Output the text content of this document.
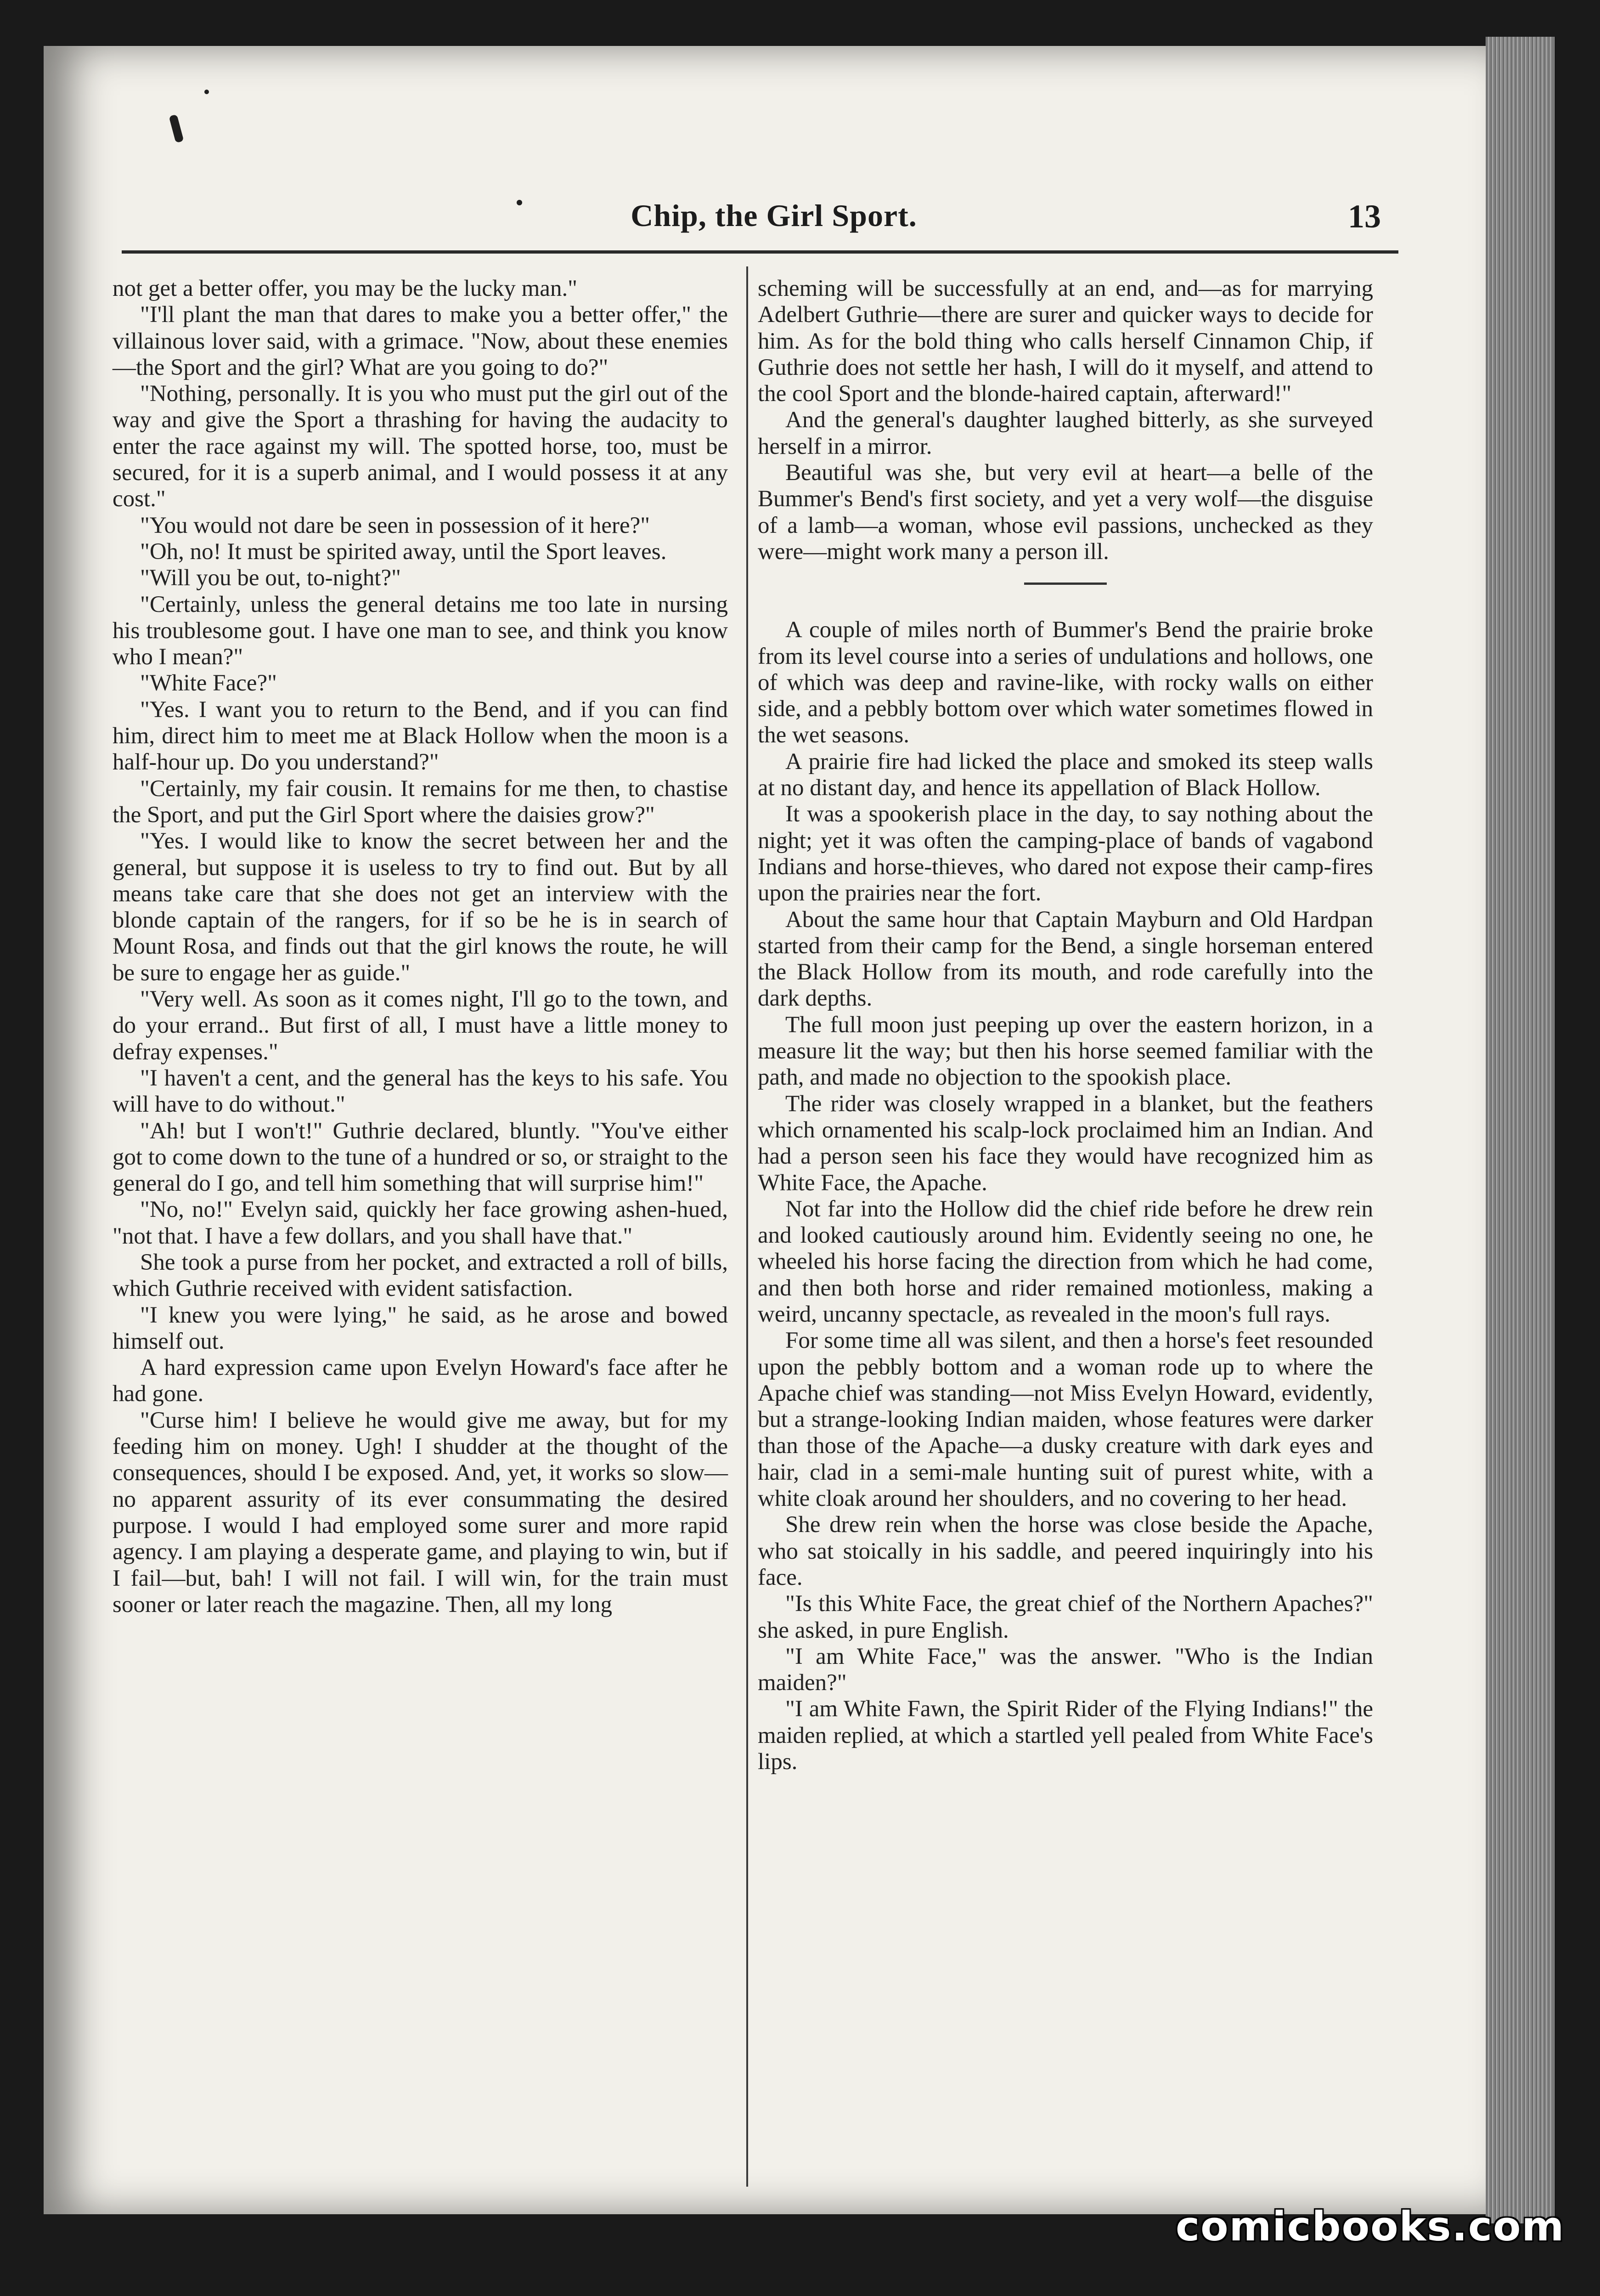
Chip, the Girl Sport.	13

not get a better offer, you may be the lucky man."

"I'll plant the man that dares to make you a better offer," the villainous lover said, with a grimace. "Now, about these enemies—the Sport and the girl? What are you going to do?"

"Nothing, personally. It is you who must put the girl out of the way and give the Sport a thrashing for having the audacity to enter the race against my will. The spotted horse, too, must be secured, for it is a superb animal, and I would possess it at any cost."

"You would not dare be seen in possession of it here?"

"Oh, no! It must be spirited away, until the Sport leaves.

"Will you be out, to-night?"

"Certainly, unless the general detains me too late in nursing his troublesome gout. I have one man to see, and think you know who I mean?"

"White Face?"

"Yes. I want you to return to the Bend, and if you can find him, direct him to meet me at Black Hollow when the moon is a half-hour up. Do you understand?"

"Certainly, my fair cousin. It remains for me then, to chastise the Sport, and put the Girl Sport where the daisies grow?"

"Yes. I would like to know the secret between her and the general, but suppose it is useless to try to find out. But by all means take care that she does not get an interview with the blonde captain of the rangers, for if so be he is in search of Mount Rosa, and finds out that the girl knows the route, he will be sure to engage her as guide."

"Very well. As soon as it comes night, I'll go to the town, and do your errand.. But first of all, I must have a little money to defray expenses."

"I haven't a cent, and the general has the keys to his safe. You will have to do without."

"Ah! but I won't!" Guthrie declared, bluntly. "You've either got to come down to the tune of a hundred or so, or straight to the general do I go, and tell him something that will surprise him!"

"No, no!" Evelyn said, quickly her face growing ashen-hued, "not that. I have a few dollars, and you shall have that."

She took a purse from her pocket, and extracted a roll of bills, which Guthrie received with evident satisfaction.

"I knew you were lying," he said, as he arose and bowed himself out.

A hard expression came upon Evelyn Howard's face after he had gone.

"Curse him! I believe he would give me away, but for my feeding him on money. Ugh! I shudder at the thought of the consequences, should I be exposed. And, yet, it works so slow—no apparent assurity of its ever consummating the desired purpose. I would I had employed some surer and more rapid agency. I am playing a desperate game, and playing to win, but if I fail—but, bah! I will not fail. I will win, for the train must sooner or later reach the magazine. Then, all my long

scheming will be successfully at an end, and—as for marrying Adelbert Guthrie—there are surer and quicker ways to decide for him. As for the bold thing who calls herself Cinnamon Chip, if Guthrie does not settle her hash, I will do it myself, and attend to the cool Sport and the blonde-haired captain, afterward!"

And the general's daughter laughed bitterly, as she surveyed herself in a mirror.

Beautiful was she, but very evil at heart—a belle of the Bummer's Bend's first society, and yet a very wolf—the disguise of a lamb—a woman, whose evil passions, unchecked as they were—might work many a person ill.

A couple of miles north of Bummer's Bend the prairie broke from its level course into a series of undulations and hollows, one of which was deep and ravine-like, with rocky walls on either side, and a pebbly bottom over which water sometimes flowed in the wet seasons.

A prairie fire had licked the place and smoked its steep walls at no distant day, and hence its appellation of Black Hollow.

It was a spookerish place in the day, to say nothing about the night; yet it was often the camping-place of bands of vagabond Indians and horse-thieves, who dared not expose their camp-fires upon the prairies near the fort.

About the same hour that Captain Mayburn and Old Hardpan started from their camp for the Bend, a single horseman entered the Black Hollow from its mouth, and rode carefully into the dark depths.

The full moon just peeping up over the eastern horizon, in a measure lit the way; but then his horse seemed familiar with the path, and made no objection to the spookish place.

The rider was closely wrapped in a blanket, but the feathers which ornamented his scalp-lock proclaimed him an Indian. And had a person seen his face they would have recognized him as White Face, the Apache.

Not far into the Hollow did the chief ride before he drew rein and looked cautiously around him. Evidently seeing no one, he wheeled his horse facing the direction from which he had come, and then both horse and rider remained motionless, making a weird, uncanny spectacle, as revealed in the moon's full rays.

For some time all was silent, and then a horse's feet resounded upon the pebbly bottom and a woman rode up to where the Apache chief was standing—not Miss Evelyn Howard, evidently, but a strange-looking Indian maiden, whose features were darker than those of the Apache—a dusky creature with dark eyes and hair, clad in a semi-male hunting suit of purest white, with a white cloak around her shoulders, and no covering to her head.

She drew rein when the horse was close beside the Apache, who sat stoically in his saddle, and peered inquiringly into his face.

"Is this White Face, the great chief of the Northern Apaches?" she asked, in pure English.

"I am White Face," was the answer. "Who is the Indian maiden?"

"I am White Fawn, the Spirit Rider of the Flying Indians!" the maiden replied, at which a startled yell pealed from White Face's lips.

comicbooks.com
